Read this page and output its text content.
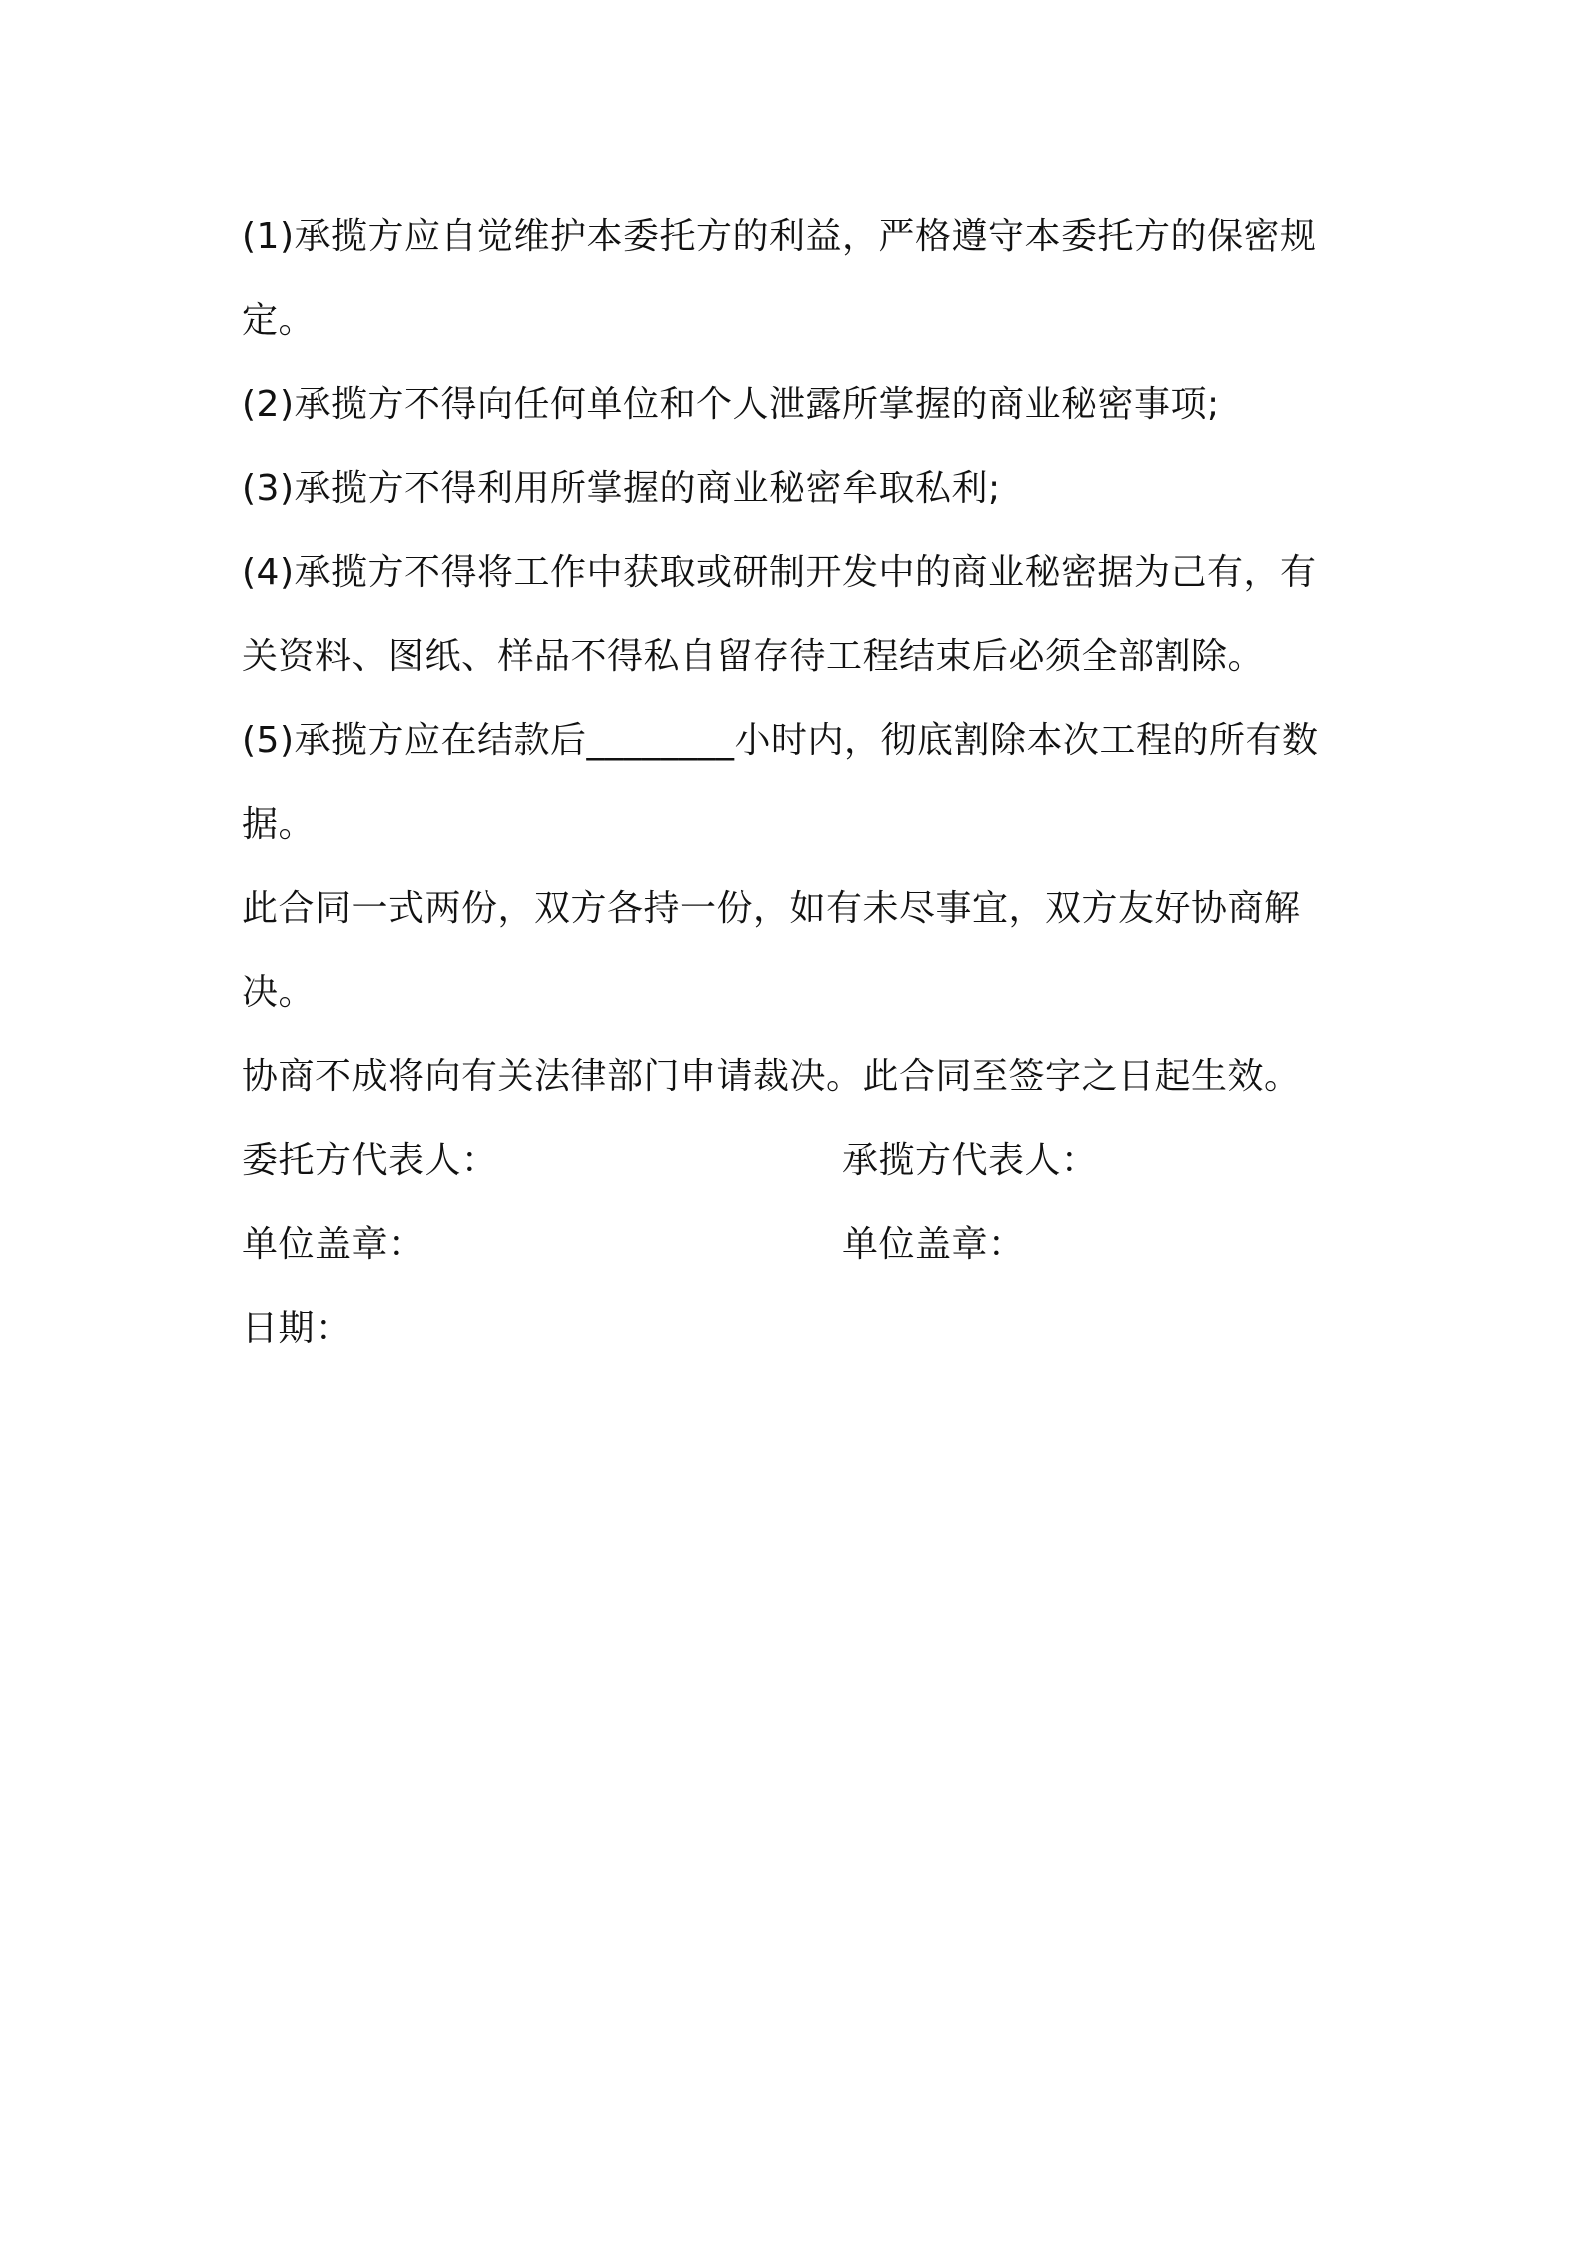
(1)承揽方应自觉维护本委托方的利益，严格遵守本委托方的保密规定。

(2)承揽方不得向任何单位和个人泄露所掌握的商业秘密事项;

(3)承揽方不得利用所掌握的商业秘密牟取私利;

(4)承揽方不得将工作中获取或研制开发中的商业秘密据为己有，有关资料、图纸、样品不得私自留存待工程结束后必须全部割除。

(5)承揽方应在结款后________小时内，彻底割除本次工程的所有数据。

此合同一式两份，双方各持一份，如有未尽事宜，双方友好协商解决。

协商不成将向有关法律部门申请裁决。此合同至签字之日起生效。

委托方代表人：	承揽方代表人：
单位盖章：	单位盖章：
日期：
